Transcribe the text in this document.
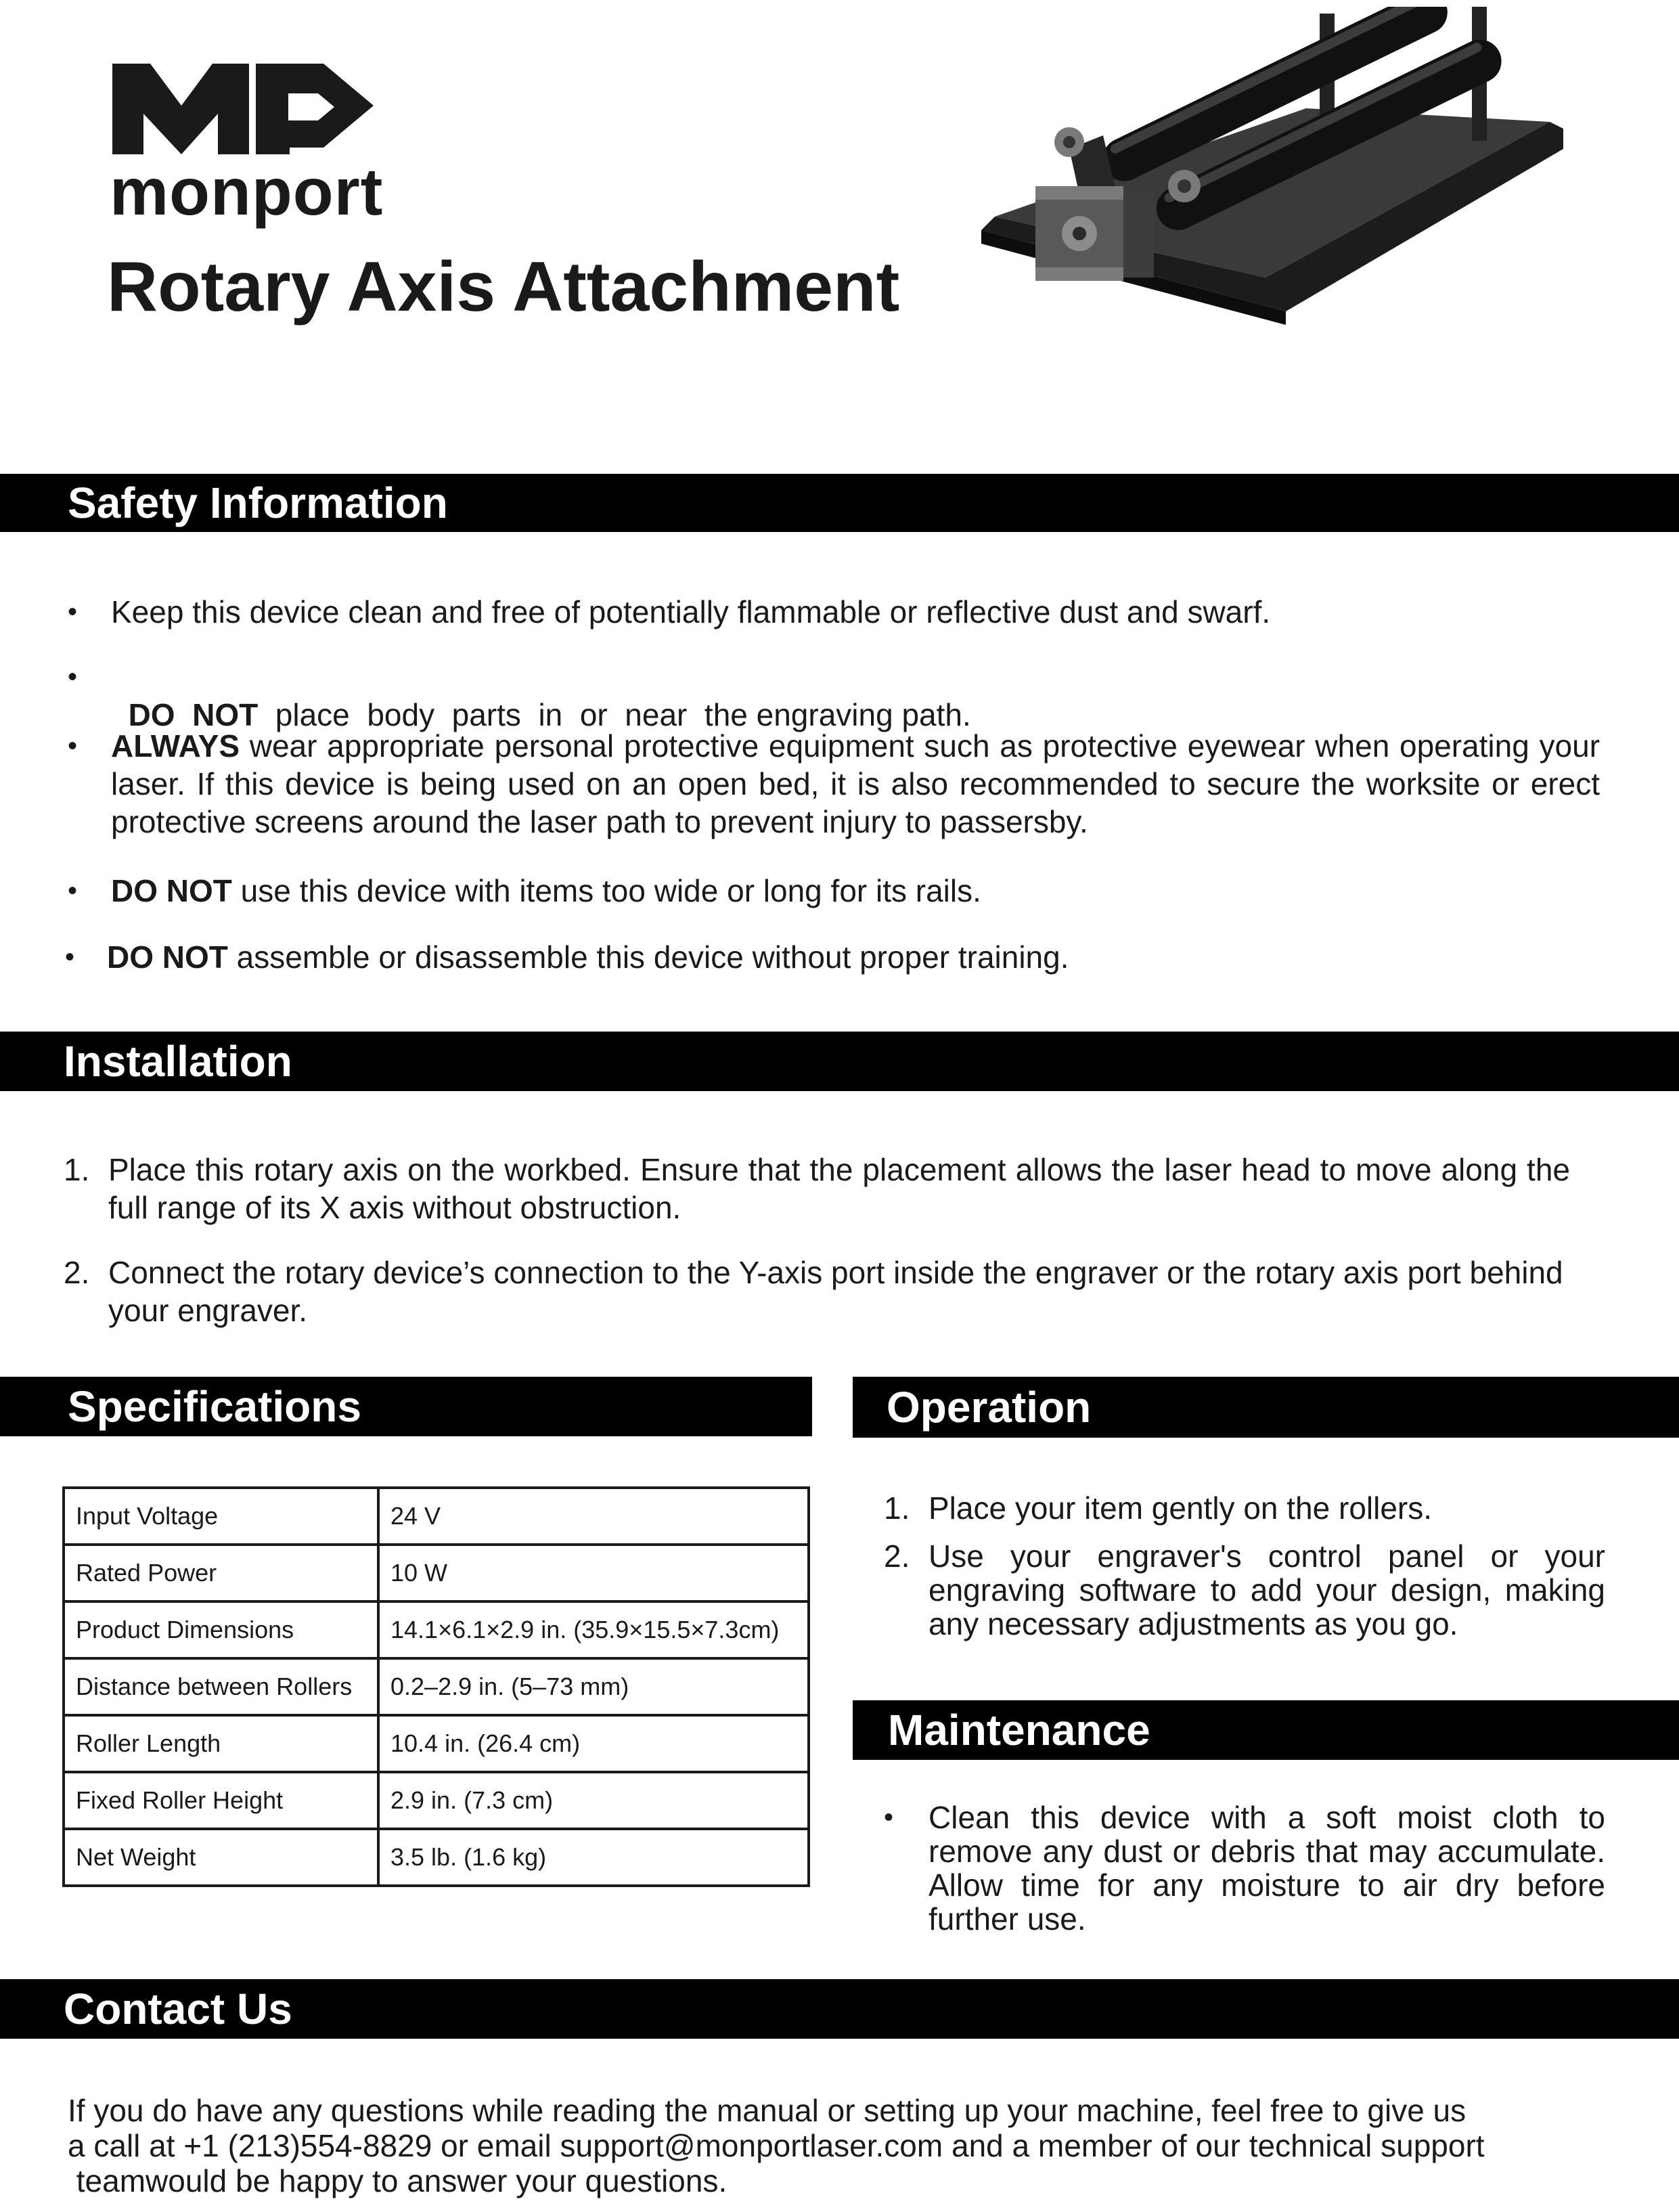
monport
Rotary Axis Attachment
Safety Information
• Keep this device clean and free of potentially flammable or reflective dust and swarf.
•

DO  NOT  place  body  parts  in  or  near  the engraving path.

• ALWAYS wear appropriate personal protective equipment such as protective eyewear when operating your laser. If this device is being used on an open bed, it is also recommended to secure the worksite or erect protective screens around the laser path to prevent injury to passersby.
• DO NOT use this device with items too wide or long for its rails.
• DO NOT assemble or disassemble this device without proper training.
Installation
1. Place this rotary axis on the workbed. Ensure that the placement allows the laser head to move along the full range of its X axis without obstruction.
2. Connect the rotary device’s connection to the Y-axis port inside the engraver or the rotary axis port behind your engraver.
Specifications
Input Voltage	24 V
Rated Power	10 W
Product Dimensions	14.1×6.1×2.9 in. (35.9×15.5×7.3cm)
Distance between Rollers	0.2–2.9 in. (5–73 mm)
Roller Length	10.4 in. (26.4 cm)
Fixed Roller Height	2.9 in. (7.3 cm)
Net Weight	3.5 lb. (1.6 kg)
Operation
1. Place your item gently on the rollers.
2. Use your engraver's control panel or your engraving software to add your design, making any necessary adjustments as you go.
Maintenance
• Clean this device with a soft moist cloth to remove any dust or debris that may accumulate. Allow time for any moisture to air dry before further use.
Contact Us
If you do have any questions while reading the manual or setting up your machine, feel free to give us
a call at +1 (213)554-8829 or email support@monportlaser.com and a member of our technical support
teamwould be happy to answer your questions.
